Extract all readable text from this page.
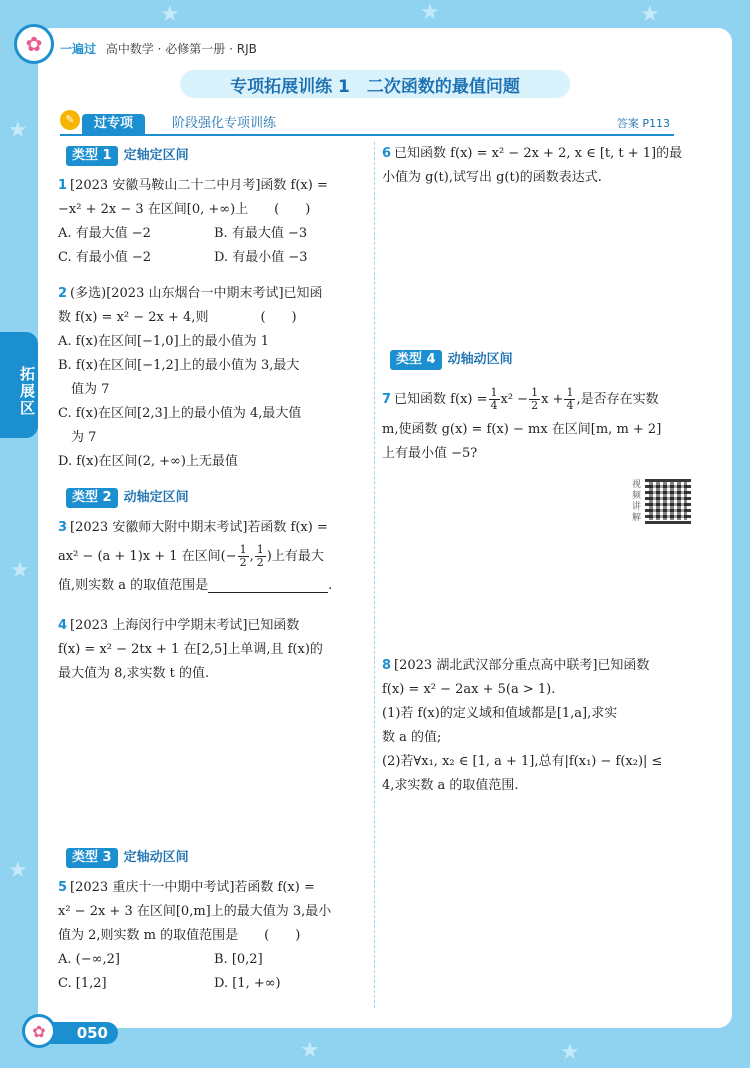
★
★
★
★	★	★
★	★
✿	一遍过 高中数学 · 必修第一册 · RJB
专项拓展训练 1　二次函数的最值问题
✎	过专项	阶段强化专项训练	答案 P113
拓展区
类型 1 定轴定区间
1 [2023 安徽马鞍山二十二中月考]函数 f(x) =
−x² + 2x − 3 在区间[0, +∞)上　　(　　)
A. 有最大值 −2	B. 有最大值 −3
C. 有最小值 −2	D. 有最小值 −3
2 (多选)[2023 山东烟台一中期末考试]已知函
数 f(x) = x² − 2x + 4,则　　　　(　　)
A. f(x)在区间[−1,0]上的最小值为 1
B. f(x)在区间[−1,2]上的最小值为 3,最大
　值为 7
C. f(x)在区间[2,3]上的最小值为 4,最大值
　为 7
D. f(x)在区间(2, +∞)上无最值
类型 2 动轴定区间
3 [2023 安徽师大附中期末考试]若函数 f(x) =
ax² − (a + 1)x + 1 在区间(− $\frac{1}{2}$ , $\frac{1}{2}$ )上有最大
值,则实数 a 的取值范围是	.
4 [2023 上海闵行中学期末考试]已知函数
f(x) = x² − 2tx + 1 在[2,5]上单调,且 f(x)的
最大值为 8,求实数 t 的值.
类型 3 定轴动区间
5 [2023 重庆十一中期中考试]若函数 f(x) =
x² − 2x + 3 在区间[0,m]上的最大值为 3,最小
值为 2,则实数 m 的取值范围是　　(　　)
A. (−∞,2]	B. [0,2]
C. [1,2]	D. [1, +∞)
6 已知函数 f(x) = x² − 2x + 2, x ∈ [t, t + 1]的最
小值为 g(t),试写出 g(t)的函数表达式.
类型 4 动轴动区间
7 已知函数 $f(x) = \frac{1}{4} x^2 - \frac{1}{2}$ $x + \frac{1}{4}$ ,是否存在实数
m,使函数 g(x) = f(x) − mx 在区间[m, m + 2]
上有最小值 −5?
视频讲解
8 [2023 湖北武汉部分重点高中联考]已知函数
f(x) = x² − 2ax + 5(a > 1).
(1)若 f(x)的定义域和值域都是[1,a],求实
数 a 的值;
(2)若∀x₁, x₂ ∈ [1, a + 1],总有|f(x₁) − f(x₂)| ≤
4,求实数 a 的取值范围.
050
✿
